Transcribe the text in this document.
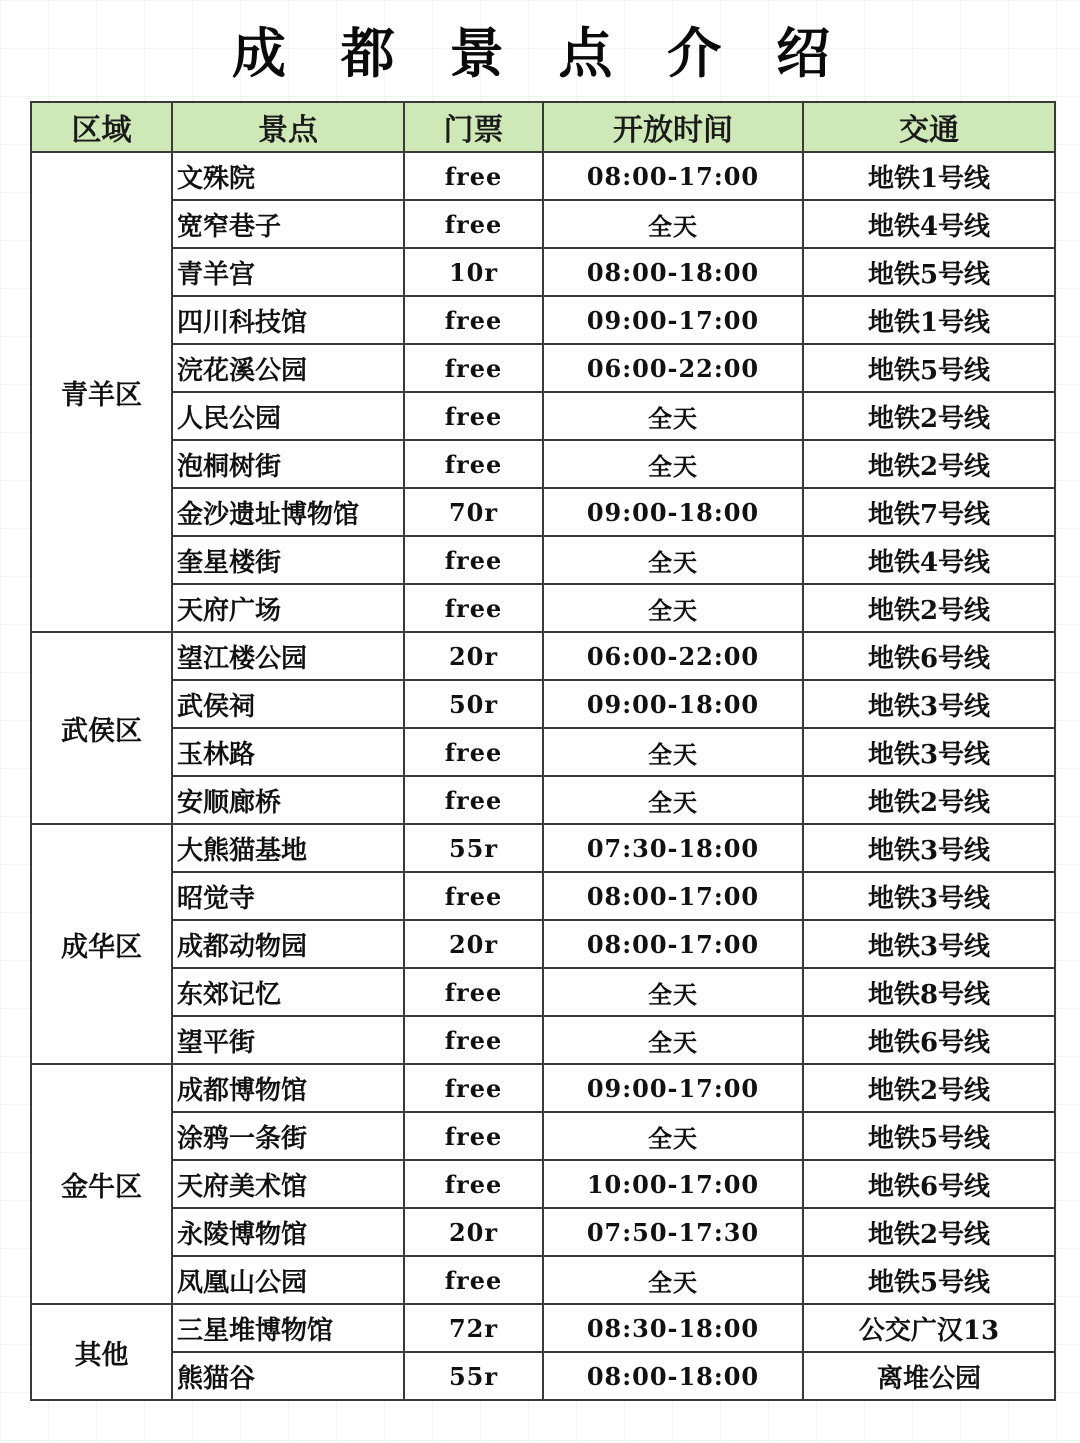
成 都 景 点 介 绍
区域	景点	门票	开放时间	交通
青羊区	文殊院	free	08:00-17:00	地铁1号线
	宽窄巷子	free	全天	地铁4号线
	青羊宫	10r	08:00-18:00	地铁5号线
	四川科技馆	free	09:00-17:00	地铁1号线
	浣花溪公园	free	06:00-22:00	地铁5号线
	人民公园	free	全天	地铁2号线
	泡桐树街	free	全天	地铁2号线
	金沙遗址博物馆	70r	09:00-18:00	地铁7号线
	奎星楼街	free	全天	地铁4号线
	天府广场	free	全天	地铁2号线
武侯区	望江楼公园	20r	06:00-22:00	地铁6号线
	武侯祠	50r	09:00-18:00	地铁3号线
	玉林路	free	全天	地铁3号线
	安顺廊桥	free	全天	地铁2号线
成华区	大熊猫基地	55r	07:30-18:00	地铁3号线
	昭觉寺	free	08:00-17:00	地铁3号线
	成都动物园	20r	08:00-17:00	地铁3号线
	东郊记忆	free	全天	地铁8号线
	望平街	free	全天	地铁6号线
金牛区	成都博物馆	free	09:00-17:00	地铁2号线
	涂鸦一条街	free	全天	地铁5号线
	天府美术馆	free	10:00-17:00	地铁6号线
	永陵博物馆	20r	07:50-17:30	地铁2号线
	凤凰山公园	free	全天	地铁5号线
其他	三星堆博物馆	72r	08:30-18:00	公交广汉13
	熊猫谷	55r	08:00-18:00	离堆公园
